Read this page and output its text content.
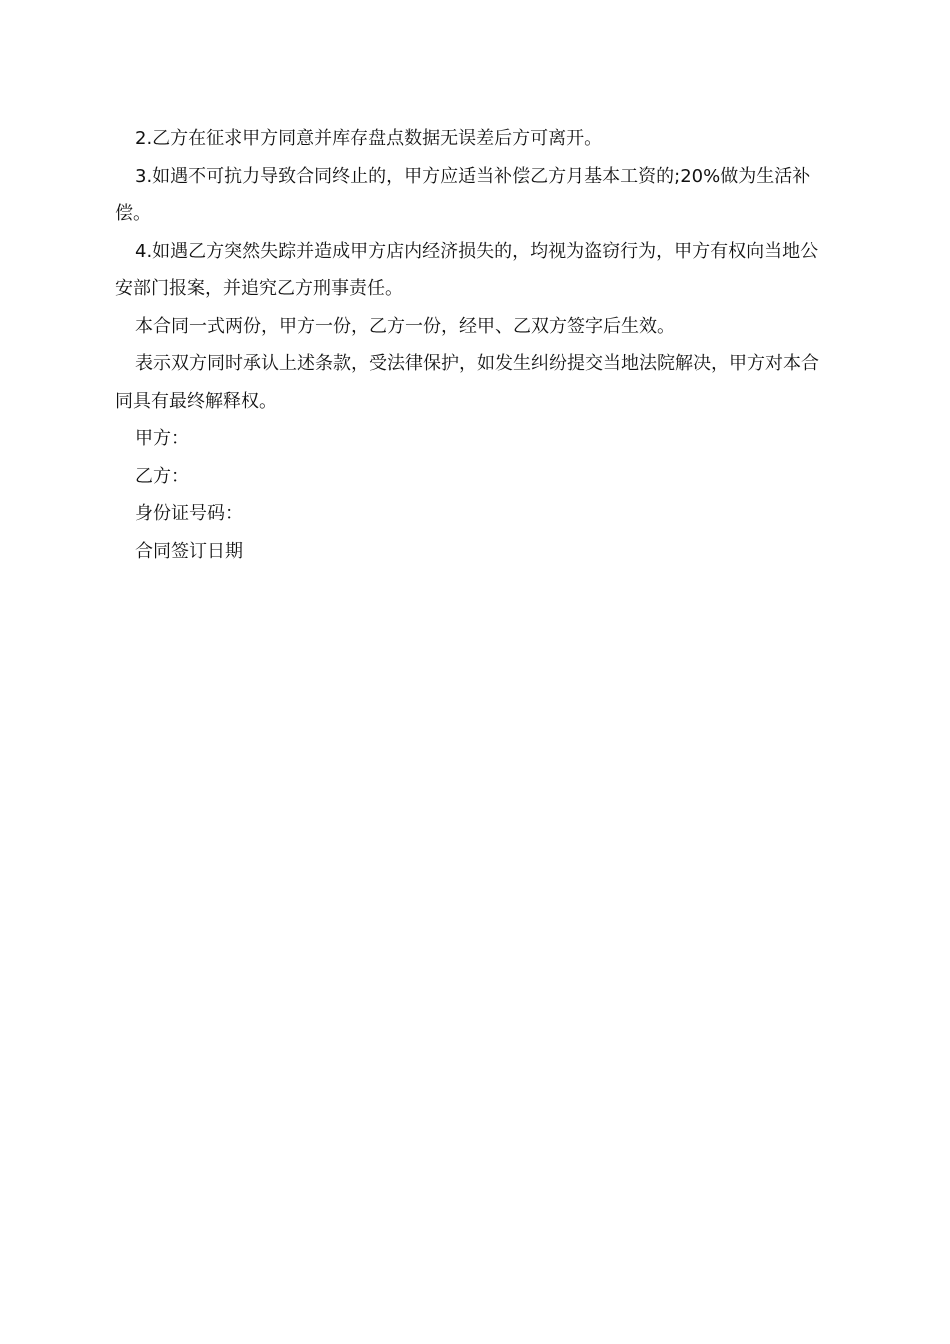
2.乙方在征求甲方同意并库存盘点数据无误差后方可离开。

3.如遇不可抗力导致合同终止的，甲方应适当补偿乙方月基本工资的;20%做为生活补偿。

4.如遇乙方突然失踪并造成甲方店内经济损失的，均视为盗窃行为，甲方有权向当地公安部门报案，并追究乙方刑事责任。

本合同一式两份，甲方一份，乙方一份，经甲、乙双方签字后生效。

表示双方同时承认上述条款，受法律保护，如发生纠纷提交当地法院解决，甲方对本合同具有最终解释权。

甲方：

乙方：

身份证号码：

合同签订日期
